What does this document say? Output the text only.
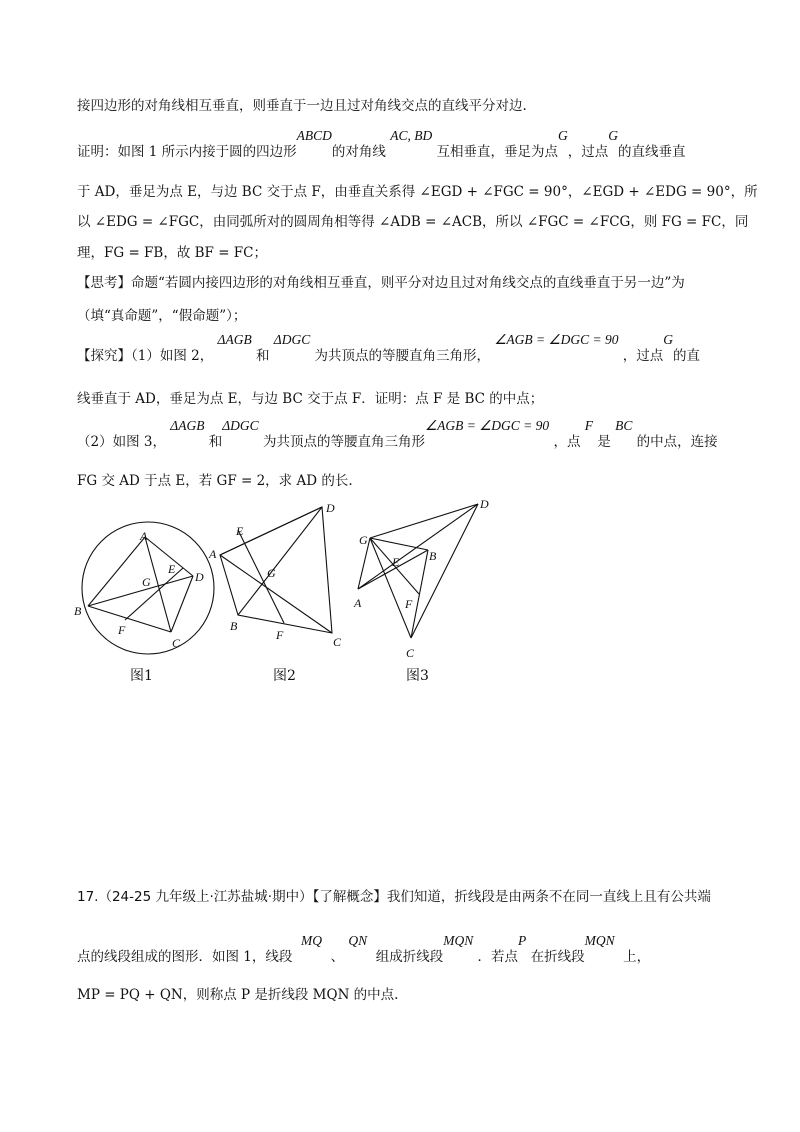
接四边形的对角线相互垂直，则垂直于一边且过对角线交点的直线平分对边.
证明：如图 1 所示内接于圆的四边形ABCD的对角线 AC, BD 互相垂直，垂足为点G，过点G的直线垂直
于 AD，垂足为点 E，与边 BC 交于点 F，由垂直关系得 ∠EGD + ∠FGC = 90°，∠EGD + ∠EDG = 90°，所
以 ∠EDG = ∠FGC，由同弧所对的圆周角相等得 ∠ADB = ∠ACB，所以 ∠FGC = ∠FCG，则 FG = FC，同
理，FG = FB，故 BF = FC；
【思考】命题“若圆内接四边形的对角线相互垂直，则平分对边且过对角线交点的直线垂直于另一边”为
（填“真命题”，“假命题”）；
【探究】（1）如图 2， ΔAGB 和 ΔDGC 为共顶点的等腰直角三角形， ∠AGB = ∠DGC = 90 ，过点G的直
线垂直于 AD，垂足为点 E，与边 BC 交于点 F．证明：点 F 是 BC 的中点；
（2）如图 3， ΔAGB 和ΔDGC 为共顶点的等腰直角三角形∠AGB = ∠DGC = 90 ，点 F 是 BC 的中点，连接
FG 交 AD 于点 E，若 GF = 2，求 AD 的长.
A
B
C
D
E
F
G
图1
A
B
C
D
E
F
G
图2
A
B
C
D
E
F
G
图3
17.（24-25 九年级上·江苏盐城·期中）【了解概念】我们知道，折线段是由两条不在同一直线上且有公共端
点的线段组成的图形．如图 1，线段  MQ  、 QN  组成折线段MQN ．若点P 在折线段MQN  上，
MP = PQ + QN，则称点 P 是折线段 MQN 的中点.
